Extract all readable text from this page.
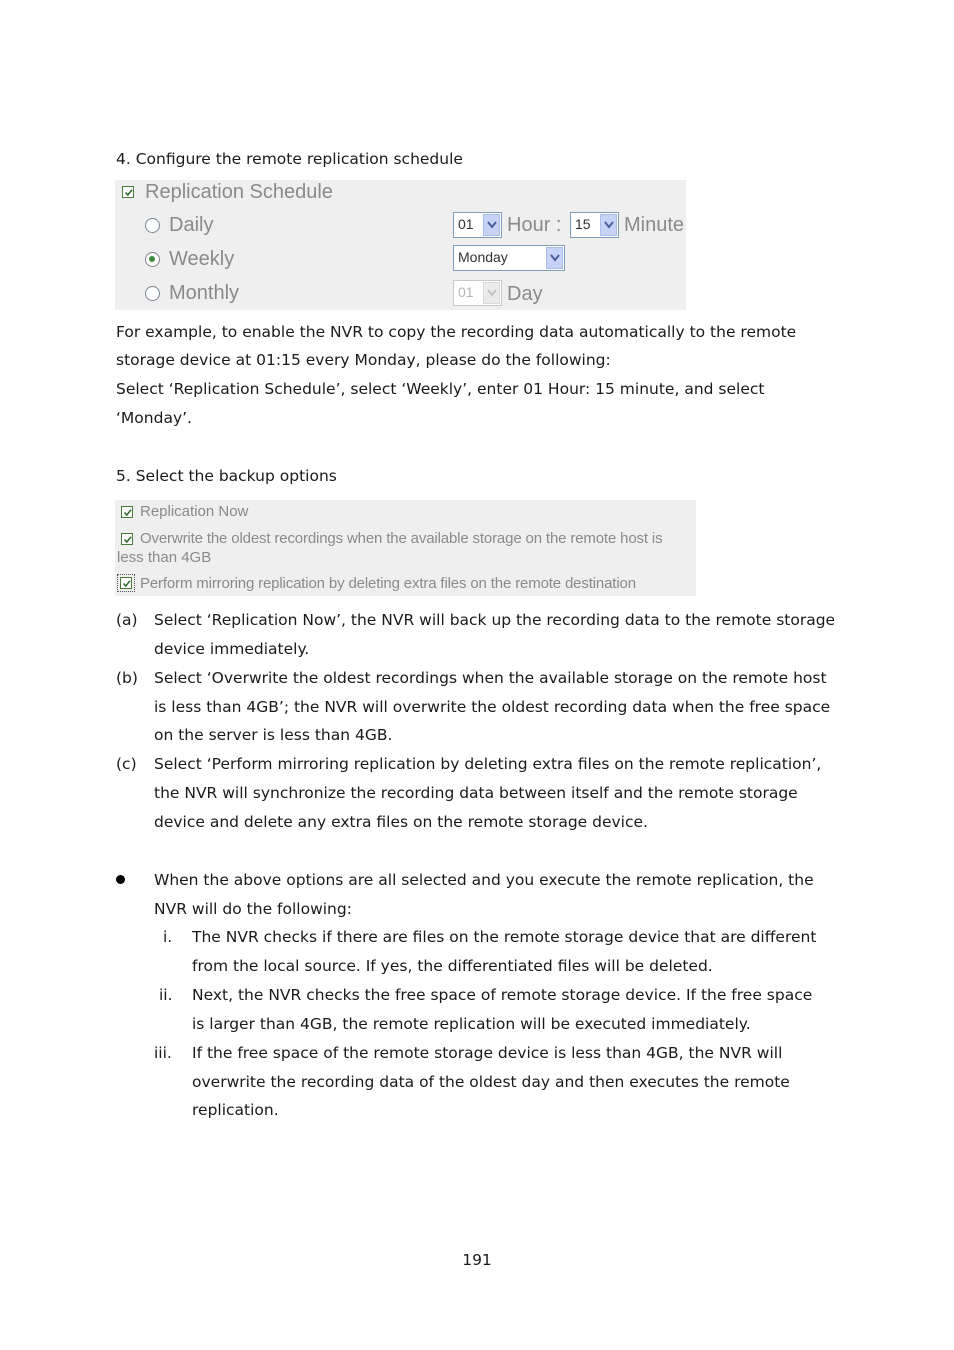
4. Configure the remote replication schedule
Replication Schedule
Daily
Weekly
Monthly
01 Hour : 15 Minute
Monday
01 Day
For example, to enable the NVR to copy the recording data automatically to the remote
storage device at 01:15 every Monday, please do the following:
Select ‘Replication Schedule’, select ‘Weekly’, enter 01 Hour: 15 minute, and select
‘Monday’.
5. Select the backup options
Replication Now
Overwrite the oldest recordings when the available storage on the remote host is
less than 4GB
Perform mirroring replication by deleting extra files on the remote destination
(a) Select ‘Replication Now’, the NVR will back up the recording data to the remote storage
device immediately.
(b) Select ‘Overwrite the oldest recordings when the available storage on the remote host
is less than 4GB’; the NVR will overwrite the oldest recording data when the free space
on the server is less than 4GB.
(c) Select ‘Perform mirroring replication by deleting extra files on the remote replication’,
the NVR will synchronize the recording data between itself and the remote storage
device and delete any extra files on the remote storage device.
When the above options are all selected and you execute the remote replication, the
NVR will do the following:
i. The NVR checks if there are files on the remote storage device that are different
from the local source. If yes, the differentiated files will be deleted.
ii. Next, the NVR checks the free space of remote storage device. If the free space
is larger than 4GB, the remote replication will be executed immediately.
iii. If the free space of the remote storage device is less than 4GB, the NVR will
overwrite the recording data of the oldest day and then executes the remote
replication.
191
